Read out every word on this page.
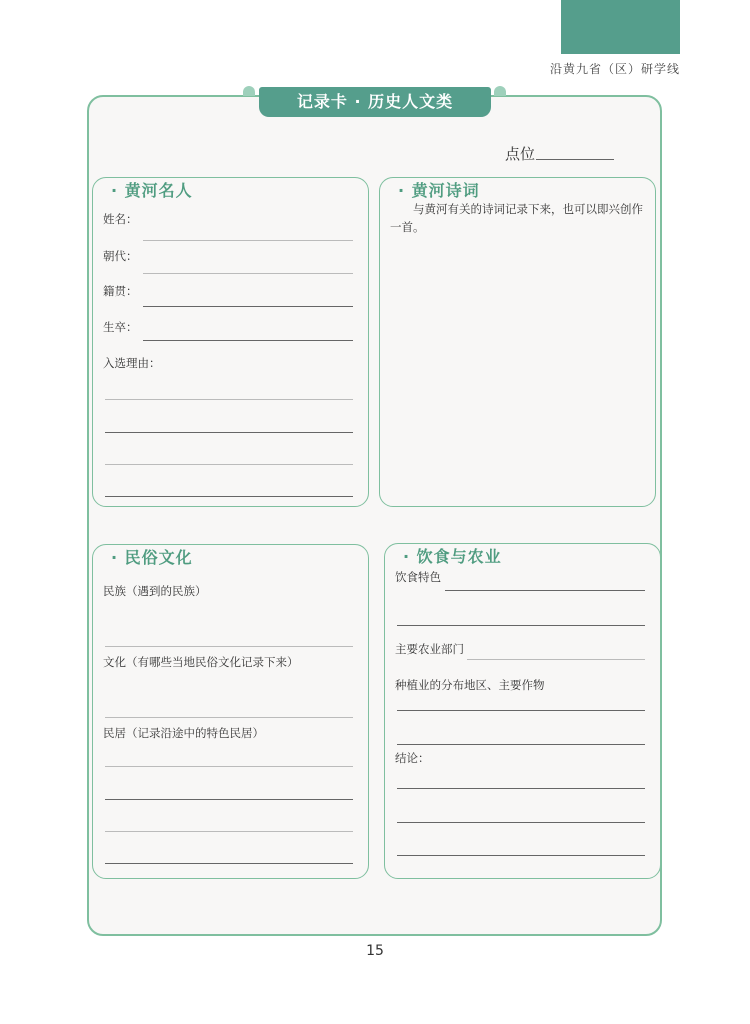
沿黄九省（区）研学线
记录卡 · 历史人文类
点位
· 黄河名人
姓名：
朝代：
籍贯：
生卒：
入选理由：
· 黄河诗词
与黄河有关的诗词记录下来，也可以即兴创作一首。
· 民俗文化
民族（遇到的民族）
文化（有哪些当地民俗文化记录下来）
民居（记录沿途中的特色民居）
· 饮食与农业
饮食特色
主要农业部门
种植业的分布地区、主要作物
结论：
15
